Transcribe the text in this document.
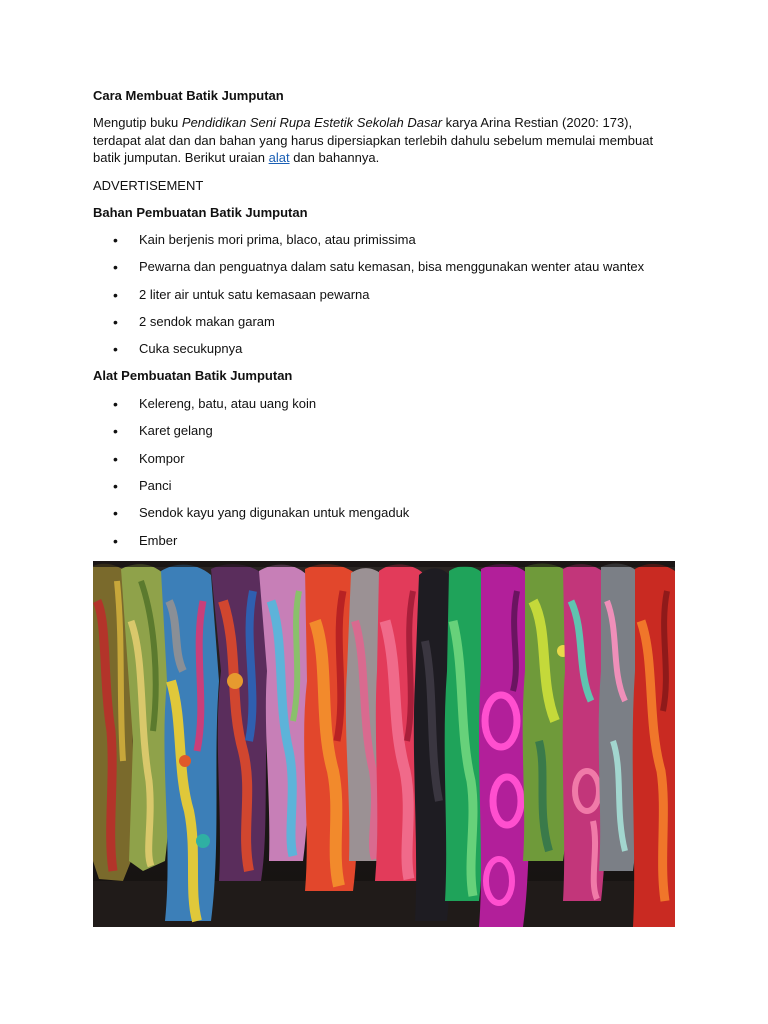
Cara Membuat Batik Jumputan

Mengutip buku Pendidikan Seni Rupa Estetik Sekolah Dasar karya Arina Restian (2020: 173), terdapat alat dan dan bahan yang harus dipersiapkan terlebih dahulu sebelum memulai membuat batik jumputan. Berikut uraian alat dan bahannya.

ADVERTISEMENT

Bahan Pembuatan Batik Jumputan

• Kain berjenis mori prima, blaco, atau primissima
• Pewarna dan penguatnya dalam satu kemasan, bisa menggunakan wenter atau wantex
• 2 liter air untuk satu kemasaan pewarna
• 2 sendok makan garam
• Cuka secukupnya

Alat Pembuatan Batik Jumputan

• Kelereng, batu, atau uang koin
• Karet gelang
• Kompor
• Panci
• Sendok kayu yang digunakan untuk mengaduk
• Ember
